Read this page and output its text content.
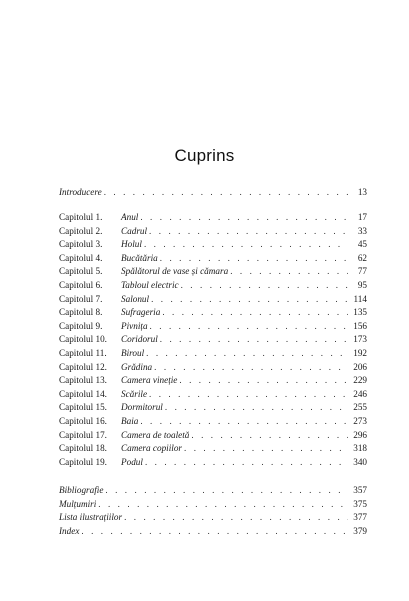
Cuprins
Introducere . . .	13
Capitolul 1. Anul . . .	17
Capitolul 2. Cadrul . . .	33
Capitolul 3. Holul . . .	45
Capitolul 4. Bucătăria . . .	62
Capitolul 5. Spălătorul de vase și cămara . . .	77
Capitolul 6. Tabloul electric . . .	95
Capitolul 7. Salonul . . .	114
Capitolul 8. Sufrageria . . .	135
Capitolul 9. Pivnița . . .	156
Capitolul 10. Coridorul . . .	173
Capitolul 11. Biroul . . .	192
Capitolul 12. Grădina . . .	206
Capitolul 13. Camera vineție . . .	229
Capitolul 14. Scările . . .	246
Capitolul 15. Dormitorul . . .	255
Capitolul 16. Baia . . .	273
Capitolul 17. Camera de toaletă . . .	296
Capitolul 18. Camera copiilor . . .	318
Capitolul 19. Podul . . .	340
Bibliografie . . .	357
Mulțumiri . . .	375
Lista ilustrațiilor . . .	377
Index . . .	379
